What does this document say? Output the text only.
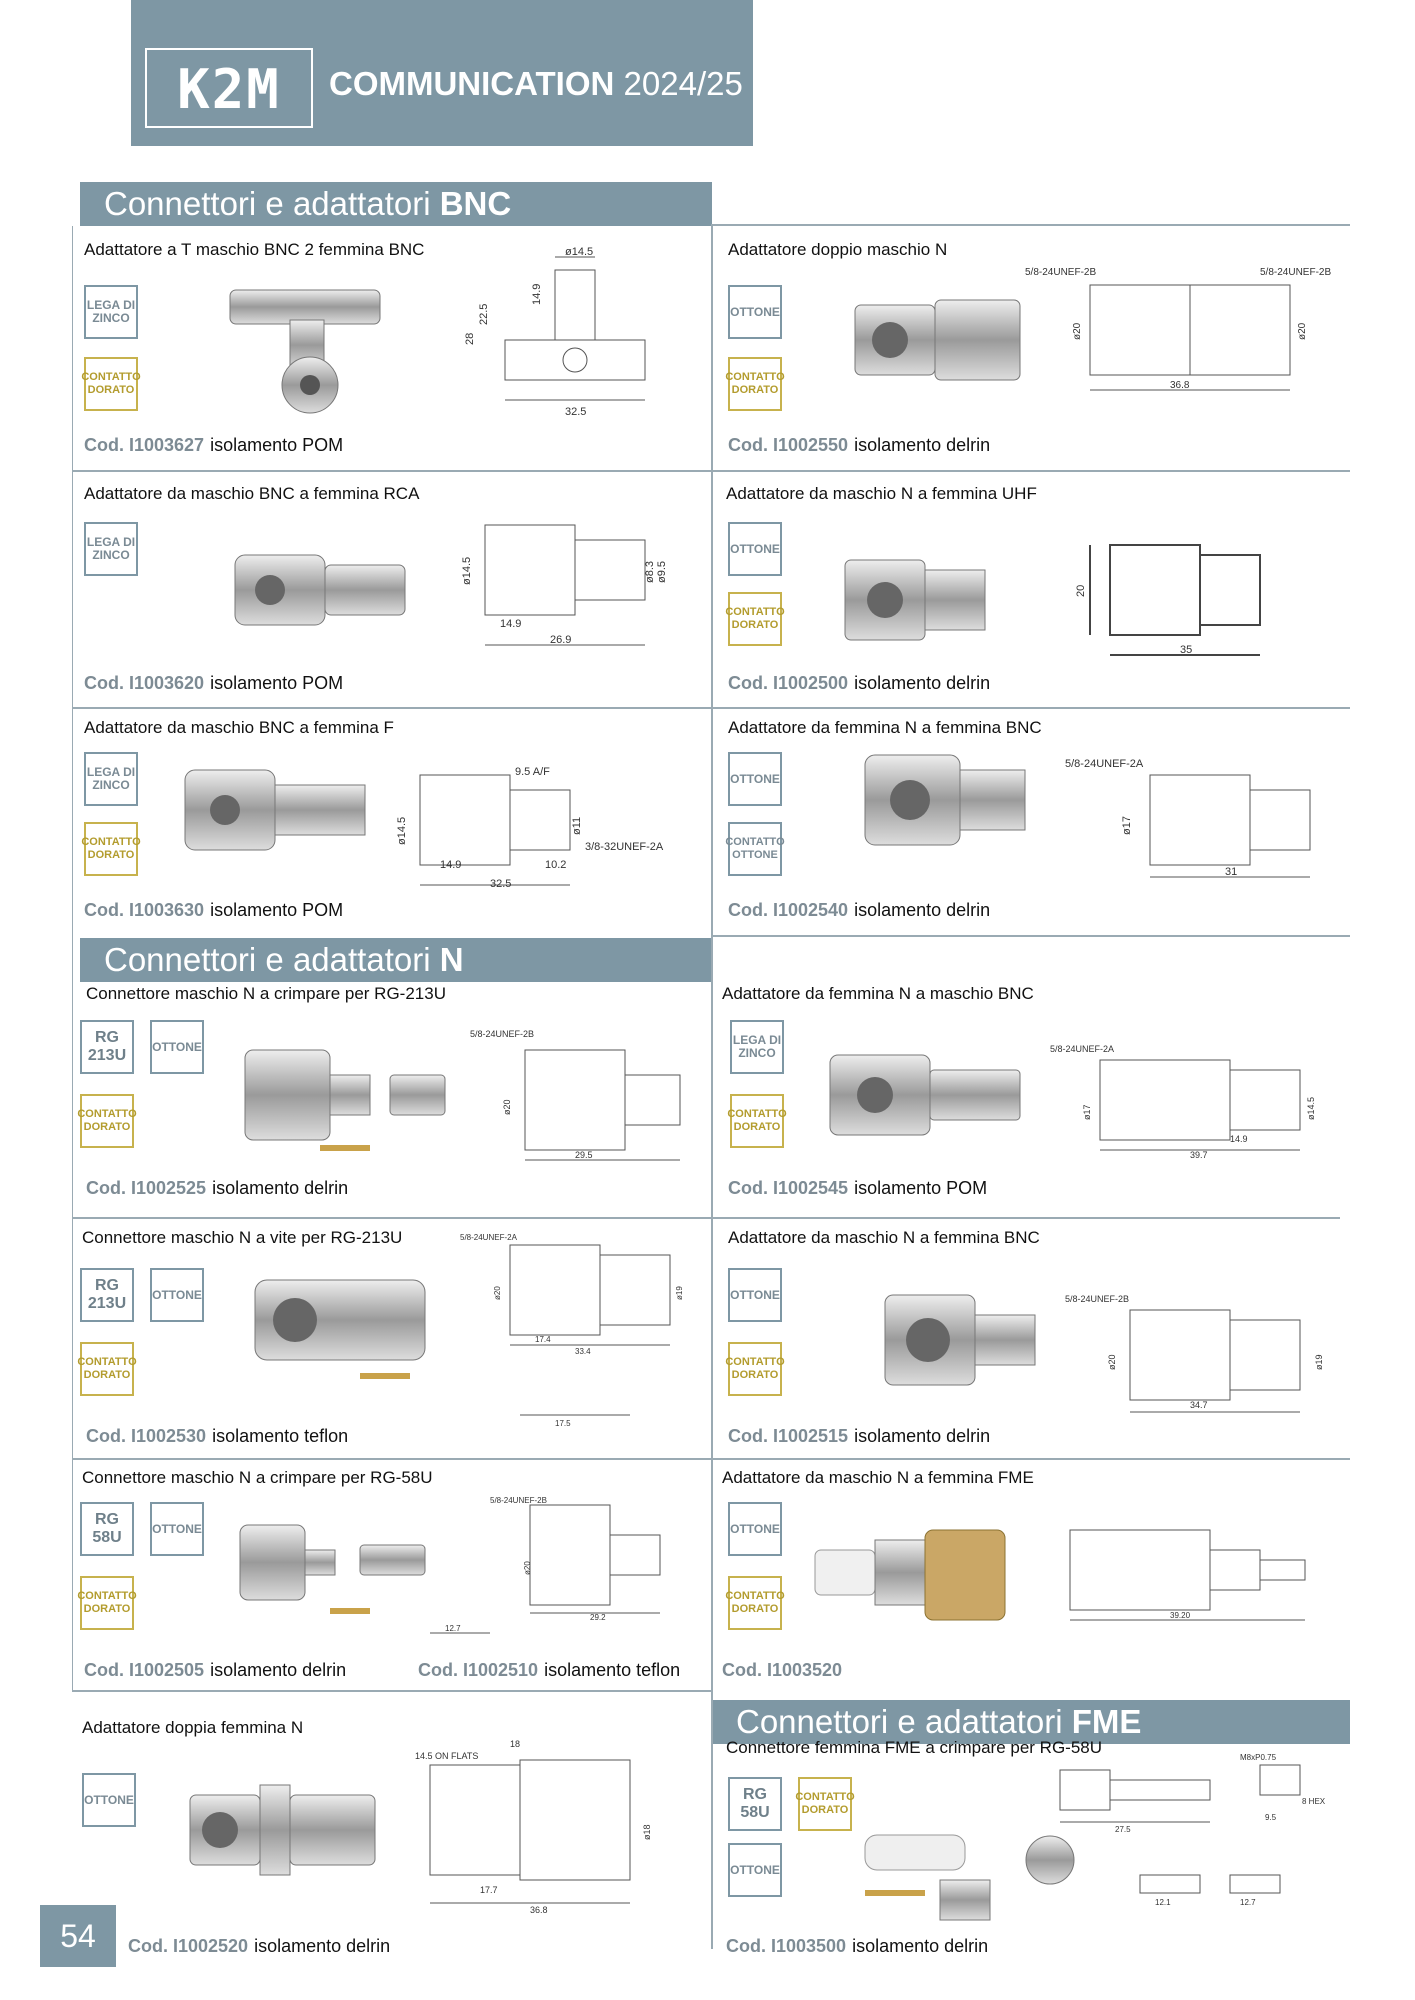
K2M	COMMUNICATION 2024/25
Connettori e adattatori BNC
Connettori e adattatori N
Connettori e adattatori FME
Adattatore a T maschio BNC 2 femmina BNC
LEGA DI ZINCO
CONTATTO DORATO
ø14.5
22.5
14.9
28
32.5
Cod. I1003627 isolamento POM
Adattatore doppio maschio N
OTTONE
CONTATTO DORATO
5/8-24UNEF-2B	5/8-24UNEF-2B
ø20	ø20
36.8
Cod. I1002550 isolamento delrin
Adattatore da maschio BNC a femmina RCA
LEGA DI ZINCO
ø14.5	ø8.3 ø9.5
14.9
26.9
Cod. I1003620 isolamento POM
Adattatore da maschio N a femmina UHF
OTTONE
CONTATTO DORATO
20
35
Cod. I1002500 isolamento delrin
Adattatore da maschio BNC a femmina F
LEGA DI ZINCO
CONTATTO DORATO
9.5 A/F
ø14.5	ø11
3/8-32UNEF-2A
14.9	10.2
32.5
Cod. I1003630 isolamento POM
Adattatore da femmina N a femmina BNC
OTTONE
CONTATTO OTTONE
5/8-24UNEF-2A
ø17
31
Cod. I1002540 isolamento delrin
Connettore maschio N a crimpare per RG-213U
RG 213U
OTTONE
CONTATTO DORATO
5/8-24UNEF-2B
ø20
29.5
Cod. I1002525 isolamento delrin
Adattatore da femmina N a maschio BNC
LEGA DI ZINCO
CONTATTO DORATO
5/8-24UNEF-2A
ø17	ø14.5
14.9
39.7
Cod. I1002545 isolamento POM
Connettore maschio N a vite per RG-213U
RG 213U
OTTONE
CONTATTO DORATO
5/8-24UNEF-2A
ø20	ø19
17.4
33.4
17.5
Cod. I1002530 isolamento teflon
Adattatore da maschio N a femmina BNC
OTTONE
CONTATTO DORATO
5/8-24UNEF-2B
ø20	ø19
34.7
Cod. I1002515 isolamento delrin
Connettore maschio N a crimpare per RG-58U
RG 58U
OTTONE
CONTATTO DORATO
5/8-24UNEF-2B
ø20
29.2
12.7
Cod. I1002505 isolamento delrin	Cod. I1002510 isolamento teflon
Adattatore da maschio N a femmina FME
OTTONE
CONTATTO DORATO
39.20
Cod. I1003520
Adattatore doppia femmina N
OTTONE
18
14.5 ON FLATS
ø18
17.7
36.8
Cod. I1002520 isolamento delrin
Connettore femmina FME a crimpare per RG-58U
RG 58U
CONTATTO DORATO
OTTONE
M8xP0.75
27.5
9.5
8 HEX
12.1	12.7
Cod. I1003500 isolamento delrin
54
